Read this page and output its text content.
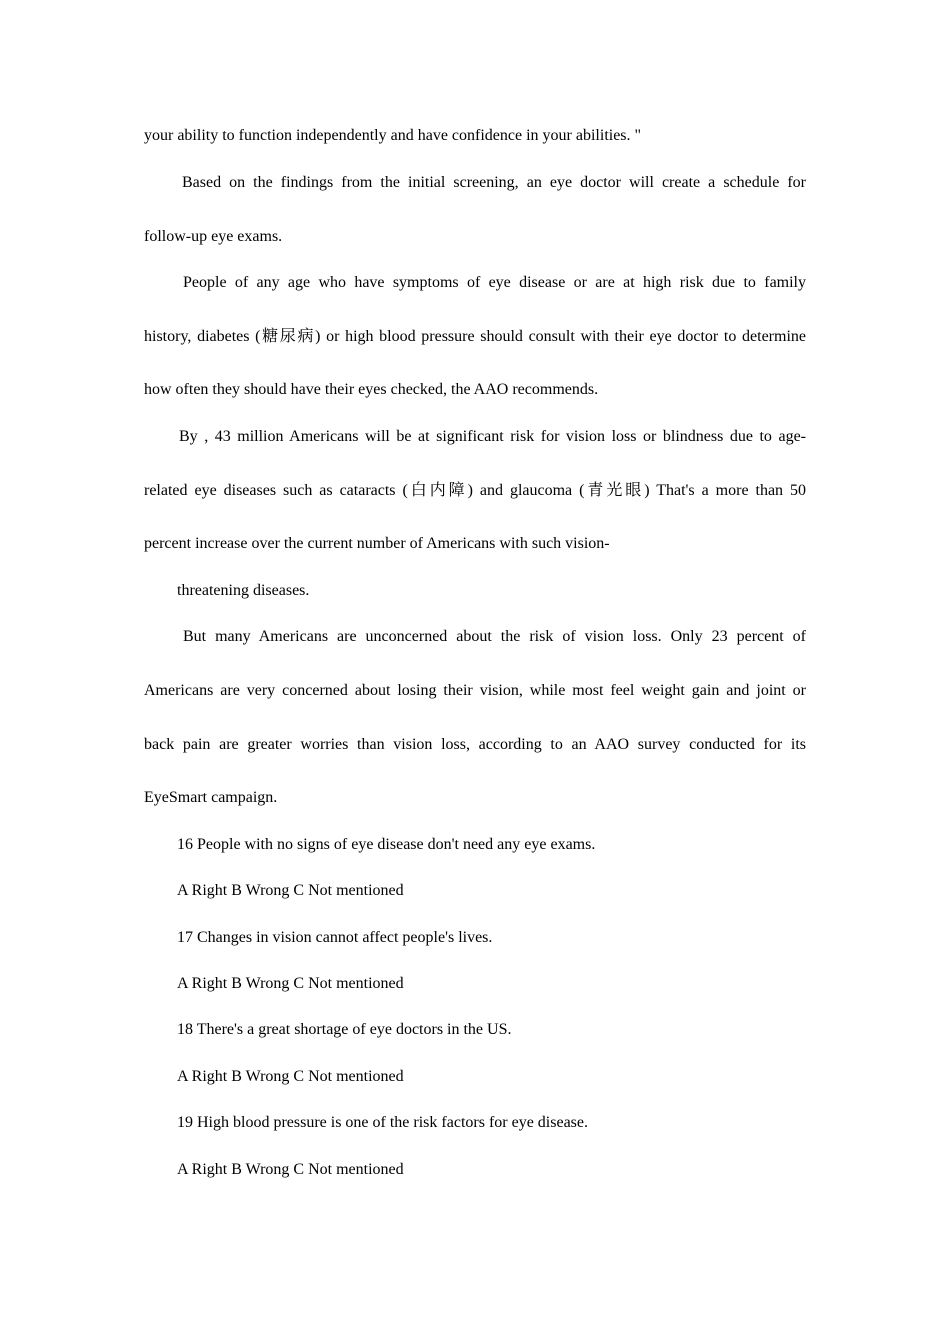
your ability to function independently and have confidence in your abilities. "
Based on the findings from the initial screening, an eye doctor will create a schedule for
follow-up eye exams.
People of any age who have symptoms of eye disease or are at high risk due to family
history, diabetes (糖尿病) or high blood pressure should consult with their eye doctor to determine
how often they should have their eyes checked, the AAO recommends.
By , 43 million Americans will be at significant risk for vision loss or blindness due to age-
related eye diseases such as cataracts (白内障) and glaucoma (青光眼) That's a more than 50
percent increase over the current number of Americans with such vision-
threatening diseases.
But many Americans are unconcerned about the risk of vision loss. Only 23 percent of
Americans are very concerned about losing their vision, while most feel weight gain and joint or
back pain are greater worries than vision loss, according to an AAO survey conducted for its
EyeSmart campaign.
16 People with no signs of eye disease don't need any eye exams.
A Right B Wrong C Not mentioned
17 Changes in vision cannot affect people's lives.
A Right B Wrong C Not mentioned
18 There's a great shortage of eye doctors in the US.
A Right B Wrong C Not mentioned
19 High blood pressure is one of the risk factors for eye disease.
A Right B Wrong C Not mentioned
